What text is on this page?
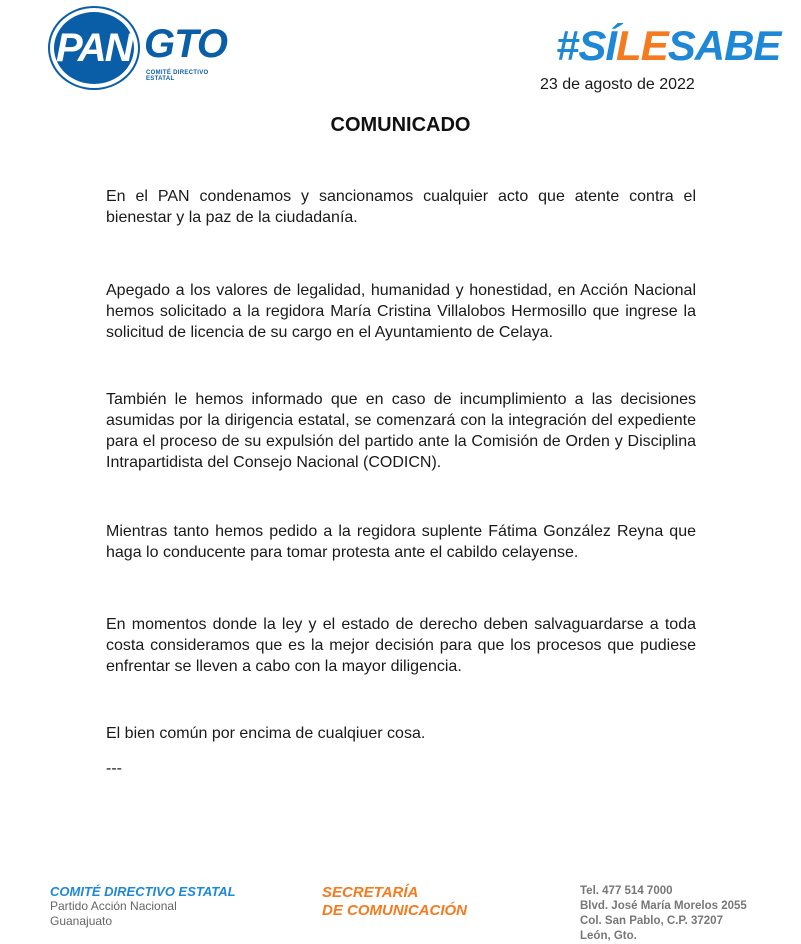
PAN GTO
COMITÉ DIRECTIVO ESTATAL
#SÍLESABE
23 de agosto de 2022
COMUNICADO

En el PAN condenamos y sancionamos cualquier acto que atente contra el bienestar y la paz de la ciudadanía.

Apegado a los valores de legalidad, humanidad y honestidad, en Acción Nacional hemos solicitado a la regidora María Cristina Villalobos Hermosillo que ingrese la solicitud de licencia de su cargo en el Ayuntamiento de Celaya.

También le hemos informado que en caso de incumplimiento a las decisiones asumidas por la dirigencia estatal, se comenzará con la integración del expediente para el proceso de su expulsión del partido ante la Comisión de Orden y Disciplina Intrapartidista del Consejo Nacional (CODICN).

Mientras tanto hemos pedido a la regidora suplente Fátima González Reyna que haga lo conducente para tomar protesta ante el cabildo celayense.

En momentos donde la ley y el estado de derecho deben salvaguardarse a toda costa consideramos que es la mejor decisión para que los procesos que pudiese enfrentar se lleven a cabo con la mayor diligencia.

El bien común por encima de cualqiuer cosa.

---

COMITÉ DIRECTIVO ESTATAL
Partido Acción Nacional
Guanajuato
SECRETARÍA
DE COMUNICACIÓN
Tel. 477 514 7000
Blvd. José María Morelos 2055
Col. San Pablo, C.P. 37207
León, Gto.
